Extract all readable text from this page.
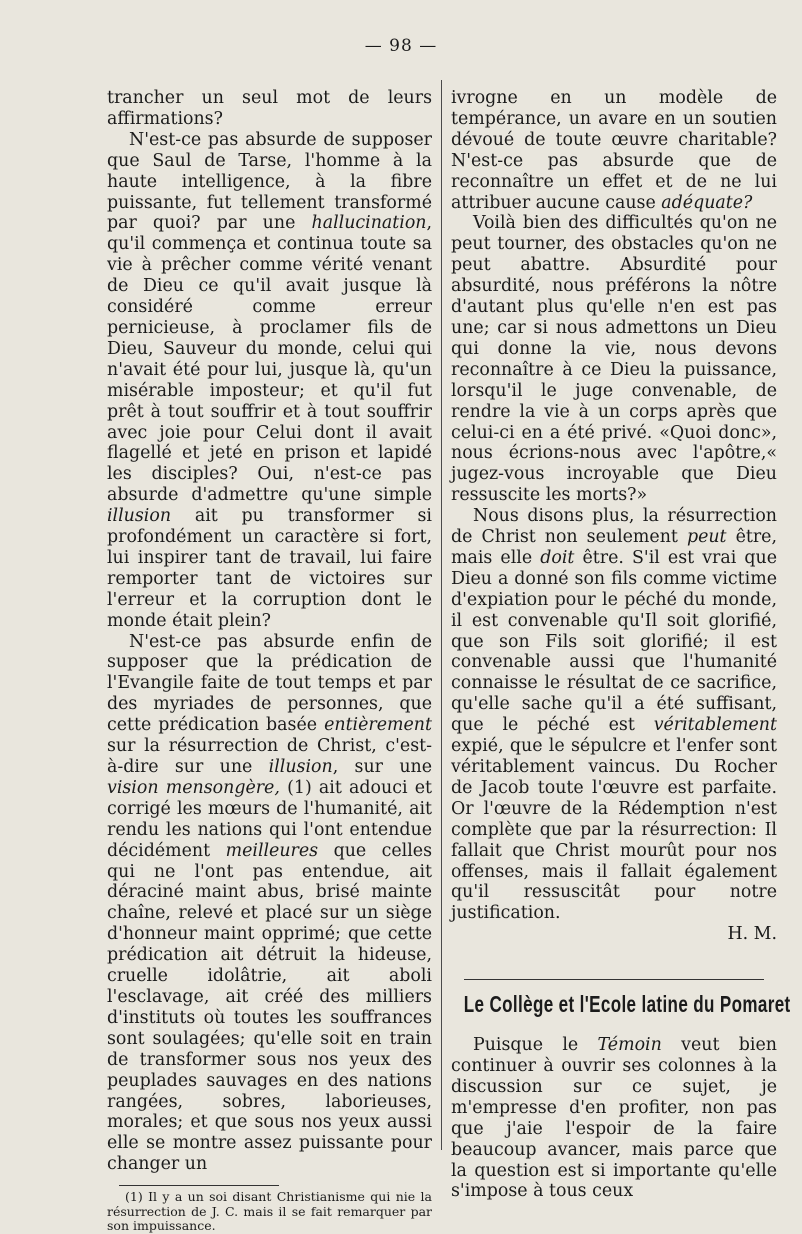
— 98 —

trancher un seul mot de leurs affirmations?

N'est-ce pas absurde de supposer que Saul de Tarse, l'homme à la haute intelligence, à la fibre puissante, fut tellement transformé par quoi? par une hallucination, qu'il commença et continua toute sa vie à prêcher comme vérité venant de Dieu ce qu'il avait jusque là considéré comme erreur pernicieuse, à proclamer fils de Dieu, Sauveur du monde, celui qui n'avait été pour lui, jusque là, qu'un misérable imposteur; et qu'il fut prêt à tout souffrir et à tout souffrir avec joie pour Celui dont il avait flagellé et jeté en prison et lapidé les disciples? Oui, n'est-ce pas absurde d'admettre qu'une simple illusion ait pu transformer si profondément un caractère si fort, lui inspirer tant de travail, lui faire remporter tant de victoires sur l'erreur et la corruption dont le monde était plein?

N'est-ce pas absurde enfin de supposer que la prédication de l'Evangile faite de tout temps et par des myriades de personnes, que cette prédication basée entièrement sur la résurrection de Christ, c'est-à-dire sur une illusion, sur une vision mensongère, (1) ait adouci et corrigé les mœurs de l'humanité, ait rendu les nations qui l'ont entendue décidément meilleures que celles qui ne l'ont pas entendue, ait déraciné maint abus, brisé mainte chaîne, relevé et placé sur un siège d'honneur maint opprimé; que cette prédication ait détruit la hideuse, cruelle idolâtrie, ait aboli l'esclavage, ait créé des milliers d'instituts où toutes les souffrances sont soulagées; qu'elle soit en train de transformer sous nos yeux des peuplades sauvages en des nations rangées, sobres, laborieuses, morales; et que sous nos yeux aussi elle se montre assez puissante pour changer un

(1) Il y a un soi disant Christianisme qui nie la résurrection de J. C. mais il se fait remarquer par son impuissance.

ivrogne en un modèle de tempérance, un avare en un soutien dévoué de toute œuvre charitable? N'est-ce pas absurde que de reconnaître un effet et de ne lui attribuer aucune cause adéquate?

Voilà bien des difficultés qu'on ne peut tourner, des obstacles qu'on ne peut abattre. Absurdité pour absurdité, nous préférons la nôtre d'autant plus qu'elle n'en est pas une; car si nous admettons un Dieu qui donne la vie, nous devons reconnaître à ce Dieu la puissance, lorsqu'il le juge convenable, de rendre la vie à un corps après que celui-ci en a été privé. «Quoi donc», nous écrions-nous avec l'apôtre,« jugez-vous incroyable que Dieu ressuscite les morts?»

Nous disons plus, la résurrection de Christ non seulement peut être, mais elle doit être. S'il est vrai que Dieu a donné son fils comme victime d'expiation pour le péché du monde, il est convenable qu'Il soit glorifié, que son Fils soit glorifié; il est convenable aussi que l'humanité connaisse le résultat de ce sacrifice, qu'elle sache qu'il a été suffisant, que le péché est véritablement expié, que le sépulcre et l'enfer sont véritablement vaincus. Du Rocher de Jacob toute l'œuvre est parfaite. Or l'œuvre de la Rédemption n'est complète que par la résurrection: Il fallait que Christ mourût pour nos offenses, mais il fallait également qu'il ressuscitât pour notre justification.

H. M.

Le Collège et l'Ecole latine du Pomaret

Puisque le Témoin veut bien continuer à ouvrir ses colonnes à la discussion sur ce sujet, je m'empresse d'en profiter, non pas que j'aie l'espoir de la faire beaucoup avancer, mais parce que la question est si importante qu'elle s'impose à tous ceux
